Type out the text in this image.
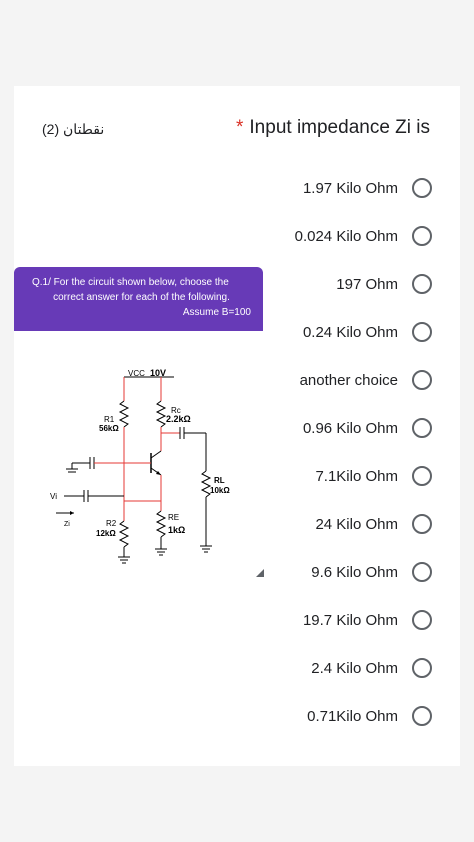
نقطتان (2)	* Input impedance Zi is
1.97 Kilo Ohm
0.024 Kilo Ohm
197 Ohm
0.24 Kilo Ohm
another choice
0.96 Kilo Ohm
7.1Kilo Ohm
24 Kilo Ohm
9.6 Kilo Ohm
19.7 Kilo Ohm
2.4 Kilo Ohm
0.71Kilo Ohm
Q.1/ For the circuit shown below, choose the
correct answer for each of the following.
Assume B=100
VCC 10V
R1
56kΩ
Rc
2.2kΩ
RL
10kΩ
RE
1kΩ
R2
12kΩ
Vi
Zi
